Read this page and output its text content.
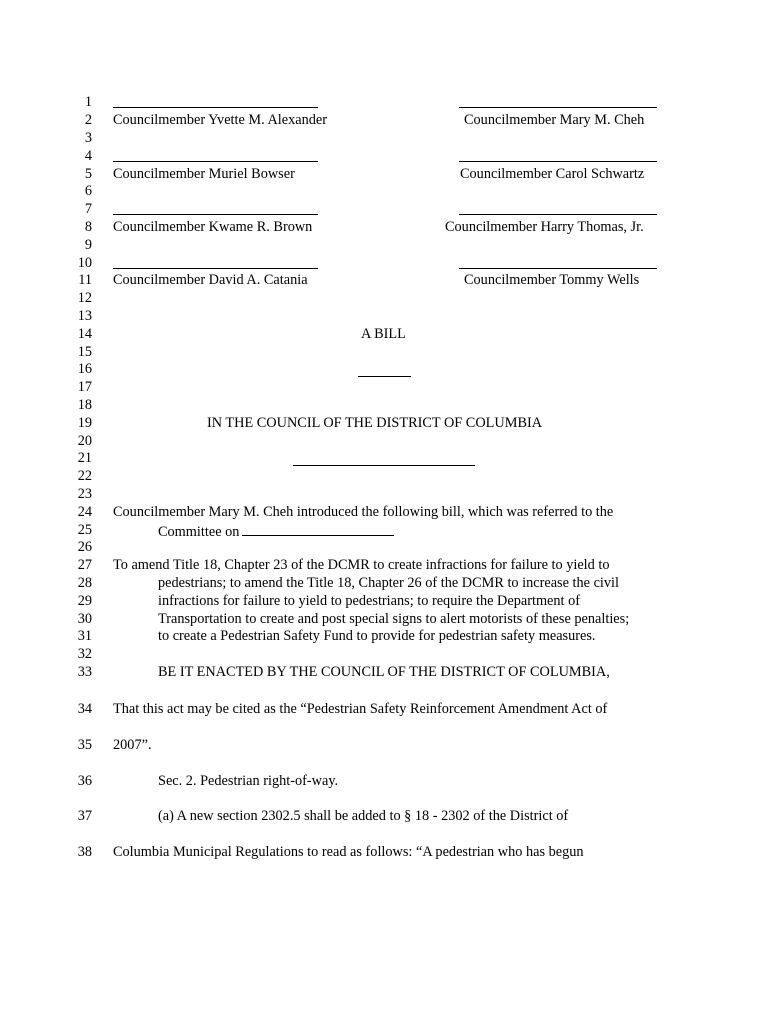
1
2
3
4
5
6
7
8
9
10
11
12
13
14
15
16
17
18
19
20
21
22
23
24
25
26
27
28
29
30
31
32
33
34
35
36
37
38
Councilmember Yvette M. Alexander	Councilmember Mary M. Cheh
Councilmember Muriel Bowser	Councilmember Carol Schwartz
Councilmember Kwame R. Brown	Councilmember Harry Thomas, Jr.
Councilmember David A. Catania	Councilmember Tommy Wells
A BILL
IN THE COUNCIL OF THE DISTRICT OF COLUMBIA
Councilmember Mary M. Cheh introduced the following bill, which was referred to the
Committee on
To amend Title 18, Chapter 23 of the DCMR to create infractions for failure to yield to
pedestrians; to amend the Title 18, Chapter 26 of the DCMR to increase the civil
infractions for failure to yield to pedestrians; to require the Department of
Transportation to create and post special signs to alert motorists of these penalties;
to create a Pedestrian Safety Fund to provide for pedestrian safety measures.
BE IT ENACTED BY THE COUNCIL OF THE DISTRICT OF COLUMBIA,
That this act may be cited as the “Pedestrian Safety Reinforcement Amendment Act of
2007”.
Sec. 2. Pedestrian right-of-way.
(a) A new section 2302.5 shall be added to § 18 - 2302 of the District of
Columbia Municipal Regulations to read as follows: “A pedestrian who has begun
